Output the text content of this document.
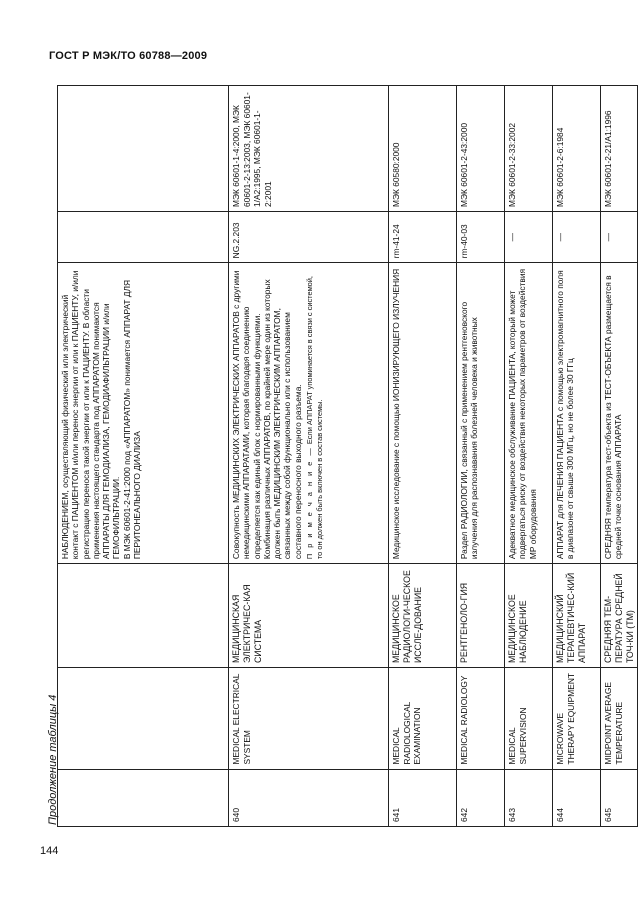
ГОСТ Р МЭК/ТО 60788—2009
Продолжение таблицы 4

			НАБЛЮДЕНИЕМ, осуществляющий физический или электрический контакт с ПАЦИЕНТОМ и/или перенос энергии от или к ПАЦИЕНТУ, и/или регистрацию переноса такой энергии от или к ПАЦИЕНТУ. В области применения настоящего стандарта под АППАРАТОМ понимаются АППАРАТЫ ДЛЯ ГЕМОДИАЛИЗА, ГЕМОДИАФИЛЬТРАЦИИ и/или ГЕМОФИЛЬТРАЦИИ.
В МЭК 60601-2-41:2000 под «АППАРАТОМ» понимается АППАРАТ ДЛЯ ПЕРИТОНЕАЛЬНОГО ДИАЛИЗА		

640	MEDICAL ELECTRICAL SYSTEM	МЕДИЦИНСКАЯ ЭЛЕКТРИЧЕС-КАЯ СИСТЕМА	Совокупность МЕДИЦИНСКИХ ЭЛЕКТРИЧЕСКИХ АППАРАТОВ с другими немедицинскими АППАРАТАМИ, которая благодаря соединению определяется как единый блок с нормированными функциями.
Комбинация различных АППАРАТОВ, по крайней мере один из которых должен быть МЕДИЦИНСКИМ ЭЛЕКТРИЧЕСКИМ АППАРАТОМ, связанных между собой функционально или с использованием составного переносного выходного разъема.
П р и м е ч а н и е — Если АППАРАТ упоминается в связи с системой, то он должен быть включен в состав системы.	NG.2.203	МЭК 60601-1-4:2000, МЭК 60601-2-13:2003, МЭК 60601-1/А2:1995, МЭК 60601-1-2:2001
641	MEDICAL RADIOLOGICAL EXAMINATION	МЕДИЦИНСКОЕ РАДИОЛОГИ-ЧЕСКОЕ ИССЛЕ-ДОВАНИЕ	Медицинское исследование с помощью ИОНИЗИРУЮЩЕГО ИЗЛУЧЕНИЯ	rm-41-24	МЭК 60580:2000
642	MEDICAL RADIOLOGY	РЕНТГЕНОЛО-ГИЯ	Раздел РАДИОЛОГИИ, связанный с применением рентгеновского излучения для распознавания болезней человека и животных	rm-40-03	МЭК 60601-2-43:2000
643	MEDICAL SUPERVISION	МЕДИЦИНСКОЕ НАБЛЮДЕНИЕ	Адекватное медицинское обслуживание ПАЦИЕНТА, который может подвергаться риску от воздействия некоторых параметров от воздействия МР оборудования	—	МЭК 60601-2-33:2002
644	MICROWAVE THERAPY EQUIPMENT	МЕДИЦИНСКИЙ ТЕРАПЕВТИЧЕС-КИЙ АППАРАТ	АППАРАТ для ЛЕЧЕНИЯ ПАЦИЕНТА с помощью электромагнитного поля в диапазоне от свыше 300 МГц, но не более 30 ГГц	—	МЭК 60601-2-6:1984
645	MIDPOINT AVERAGE TEMPERATURE	СРЕДНЯЯ ТЕМ-ПЕРАТУРА СРЕДНЕЙ ТОЧ-КИ (ТМ)	СРЕДНЯЯ температура тест-объекта из ТЕСТ-ОБЪЕКТА размещается в средней точке основания АППАРАТА	—	МЭК 60601-2-21/А1:1996
144
